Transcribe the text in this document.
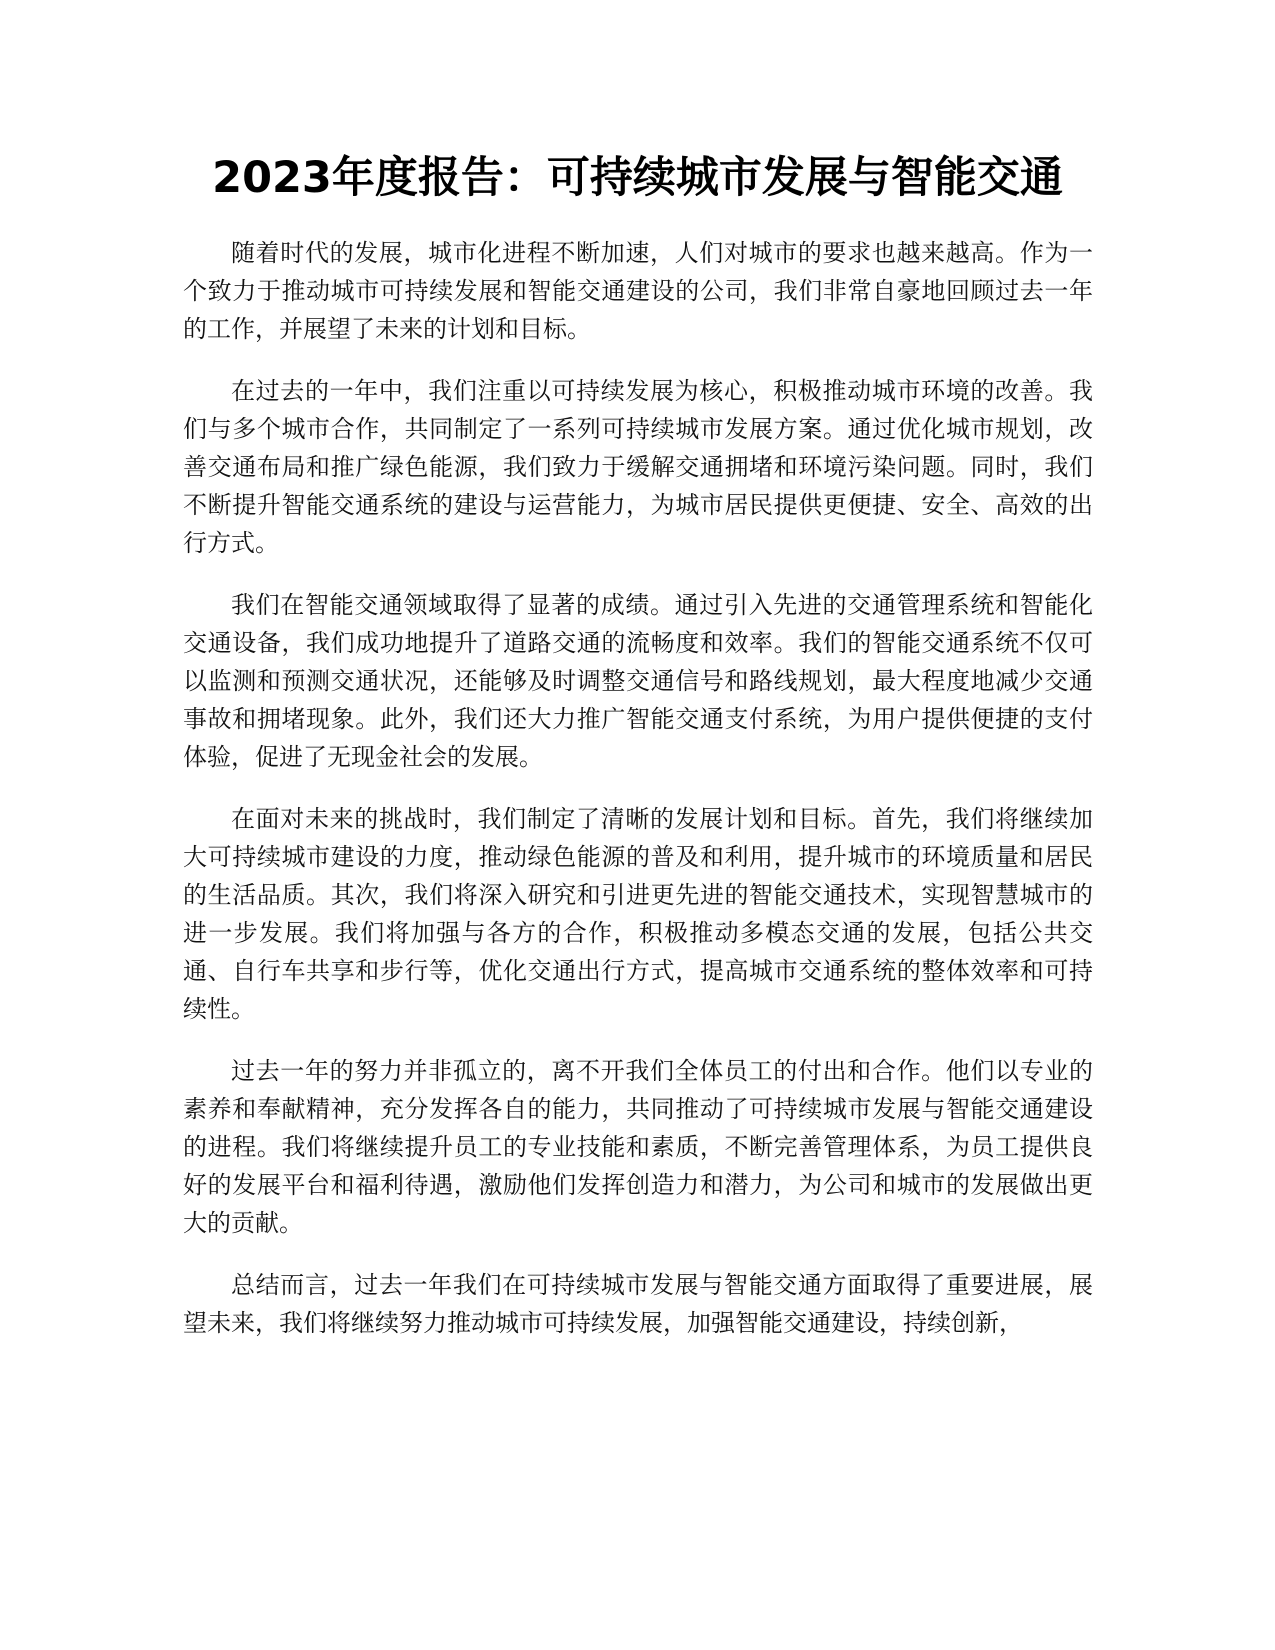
2023年度报告：可持续城市发展与智能交通

随着时代的发展，城市化进程不断加速，人们对城市的要求也越来越高。作为一个致力于推动城市可持续发展和智能交通建设的公司，我们非常自豪地回顾过去一年的工作，并展望了未来的计划和目标。

在过去的一年中，我们注重以可持续发展为核心，积极推动城市环境的改善。我们与多个城市合作，共同制定了一系列可持续城市发展方案。通过优化城市规划，改善交通布局和推广绿色能源，我们致力于缓解交通拥堵和环境污染问题。同时，我们不断提升智能交通系统的建设与运营能力，为城市居民提供更便捷、安全、高效的出行方式。

我们在智能交通领域取得了显著的成绩。通过引入先进的交通管理系统和智能化交通设备，我们成功地提升了道路交通的流畅度和效率。我们的智能交通系统不仅可以监测和预测交通状况，还能够及时调整交通信号和路线规划，最大程度地减少交通事故和拥堵现象。此外，我们还大力推广智能交通支付系统，为用户提供便捷的支付体验，促进了无现金社会的发展。

在面对未来的挑战时，我们制定了清晰的发展计划和目标。首先，我们将继续加大可持续城市建设的力度，推动绿色能源的普及和利用，提升城市的环境质量和居民的生活品质。其次，我们将深入研究和引进更先进的智能交通技术，实现智慧城市的进一步发展。我们将加强与各方的合作，积极推动多模态交通的发展，包括公共交通、自行车共享和步行等，优化交通出行方式，提高城市交通系统的整体效率和可持续性。

过去一年的努力并非孤立的，离不开我们全体员工的付出和合作。他们以专业的素养和奉献精神，充分发挥各自的能力，共同推动了可持续城市发展与智能交通建设的进程。我们将继续提升员工的专业技能和素质，不断完善管理体系，为员工提供良好的发展平台和福利待遇，激励他们发挥创造力和潜力，为公司和城市的发展做出更大的贡献。

总结而言，过去一年我们在可持续城市发展与智能交通方面取得了重要进展，展望未来，我们将继续努力推动城市可持续发展，加强智能交通建设，持续创新，
